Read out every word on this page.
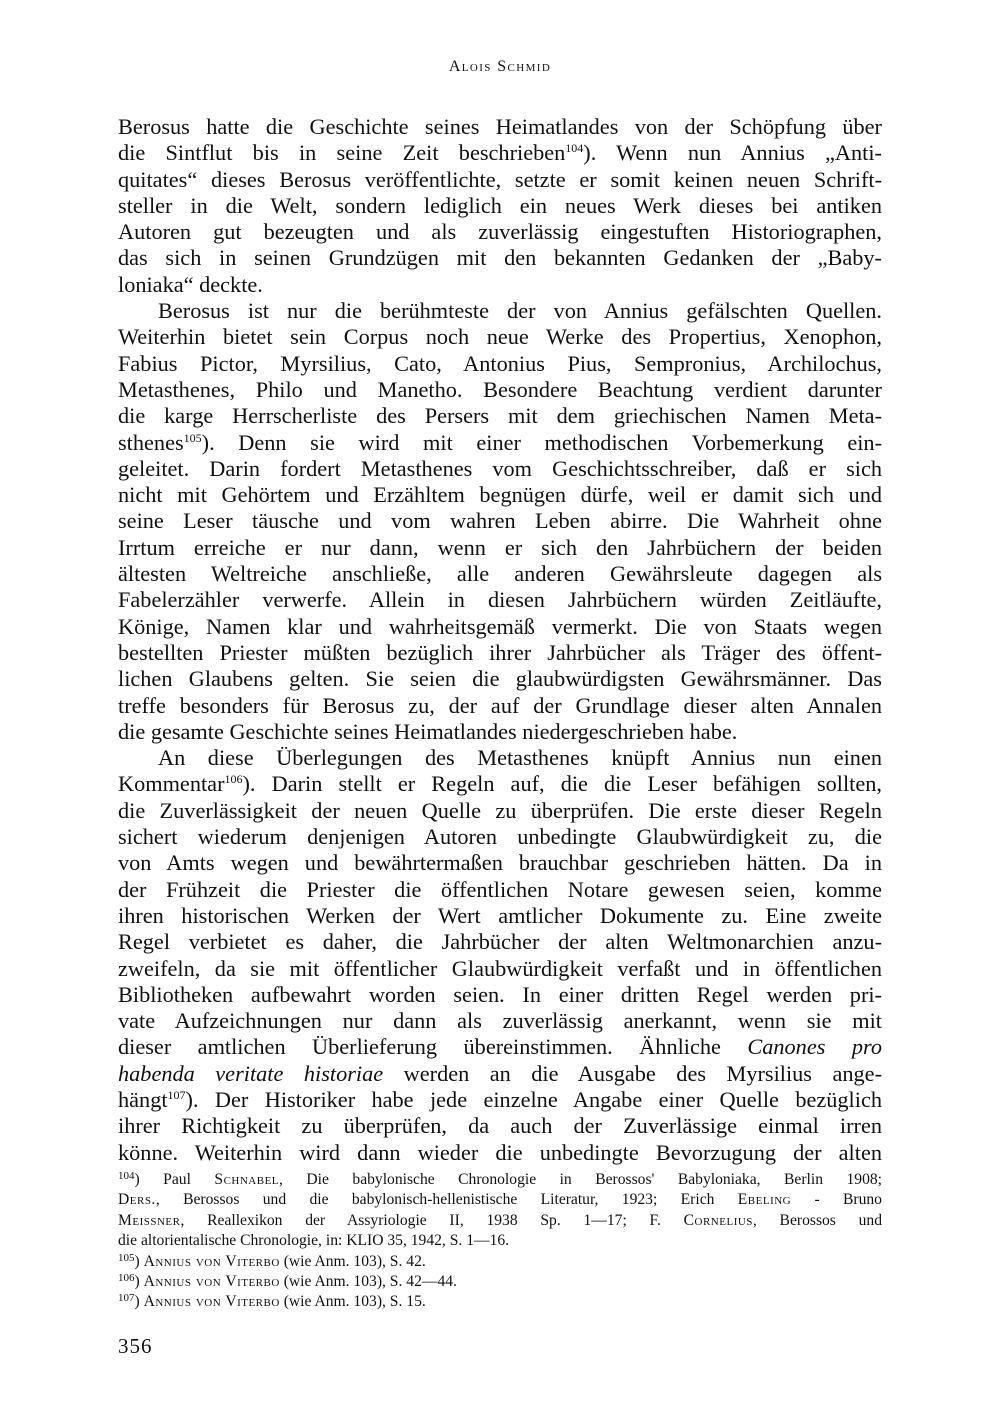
Alois Schmid
Berosus hatte die Geschichte seines Heimatlandes von der Schöpfung über
die Sintflut bis in seine Zeit beschrieben$^{104}$). Wenn nun Annius „Anti-
quitates“ dieses Berosus veröffentlichte, setzte er somit keinen neuen Schrift-
steller in die Welt, sondern lediglich ein neues Werk dieses bei antiken
Autoren gut bezeugten und als zuverlässig eingestuften Historiographen,
das sich in seinen Grundzügen mit den bekannten Gedanken der „Baby-
loniaka“ deckte.
Berosus ist nur die berühmteste der von Annius gefälschten Quellen.
Weiterhin bietet sein Corpus noch neue Werke des Propertius, Xenophon,
Fabius Pictor, Myrsilius, Cato, Antonius Pius, Sempronius, Archilochus,
Metasthenes, Philo und Manetho. Besondere Beachtung verdient darunter
die karge Herrscherliste des Persers mit dem griechischen Namen Meta-
sthenes$^{105}$). Denn sie wird mit einer methodischen Vorbemerkung ein-
geleitet. Darin fordert Metasthenes vom Geschichtsschreiber, daß er sich
nicht mit Gehörtem und Erzähltem begnügen dürfe, weil er damit sich und
seine Leser täusche und vom wahren Leben abirre. Die Wahrheit ohne
Irrtum erreiche er nur dann, wenn er sich den Jahrbüchern der beiden
ältesten Weltreiche anschließe, alle anderen Gewährsleute dagegen als
Fabelerzähler verwerfe. Allein in diesen Jahrbüchern würden Zeitläufte,
Könige, Namen klar und wahrheitsgemäß vermerkt. Die von Staats wegen
bestellten Priester müßten bezüglich ihrer Jahrbücher als Träger des öffent-
lichen Glaubens gelten. Sie seien die glaubwürdigsten Gewährsmänner. Das
treffe besonders für Berosus zu, der auf der Grundlage dieser alten Annalen
die gesamte Geschichte seines Heimatlandes niedergeschrieben habe.
An diese Überlegungen des Metasthenes knüpft Annius nun einen
Kommentar$^{106}$). Darin stellt er Regeln auf, die die Leser befähigen sollten,
die Zuverlässigkeit der neuen Quelle zu überprüfen. Die erste dieser Regeln
sichert wiederum denjenigen Autoren unbedingte Glaubwürdigkeit zu, die
von Amts wegen und bewährtermaßen brauchbar geschrieben hätten. Da in
der Frühzeit die Priester die öffentlichen Notare gewesen seien, komme
ihren historischen Werken der Wert amtlicher Dokumente zu. Eine zweite
Regel verbietet es daher, die Jahrbücher der alten Weltmonarchien anzu-
zweifeln, da sie mit öffentlicher Glaubwürdigkeit verfaßt und in öffentlichen
Bibliotheken aufbewahrt worden seien. In einer dritten Regel werden pri-
vate Aufzeichnungen nur dann als zuverlässig anerkannt, wenn sie mit
dieser amtlichen Überlieferung übereinstimmen. Ähnliche Canones pro
habenda veritate historiae werden an die Ausgabe des Myrsilius ange-
hängt$^{107}$). Der Historiker habe jede einzelne Angabe einer Quelle bezüglich
ihrer Richtigkeit zu überprüfen, da auch der Zuverlässige einmal irren
könne. Weiterhin wird dann wieder die unbedingte Bevorzugung der alten
$^{104}$) Paul Schnabel, Die babylonische Chronologie in Berossos' Babyloniaka, Berlin 1908;
Ders., Berossos und die babylonisch-hellenistische Literatur, 1923; Erich Ebeling - Bruno
Meissner, Reallexikon der Assyriologie II, 1938 Sp. 1—17; F. Cornelius, Berossos und
die altorientalische Chronologie, in: KLIO 35, 1942, S. 1—16.
$^{105}$) Annius von Viterbo (wie Anm. 103), S. 42.
$^{106}$) Annius von Viterbo (wie Anm. 103), S. 42—44.
$^{107}$) Annius von Viterbo (wie Anm. 103), S. 15.
356
